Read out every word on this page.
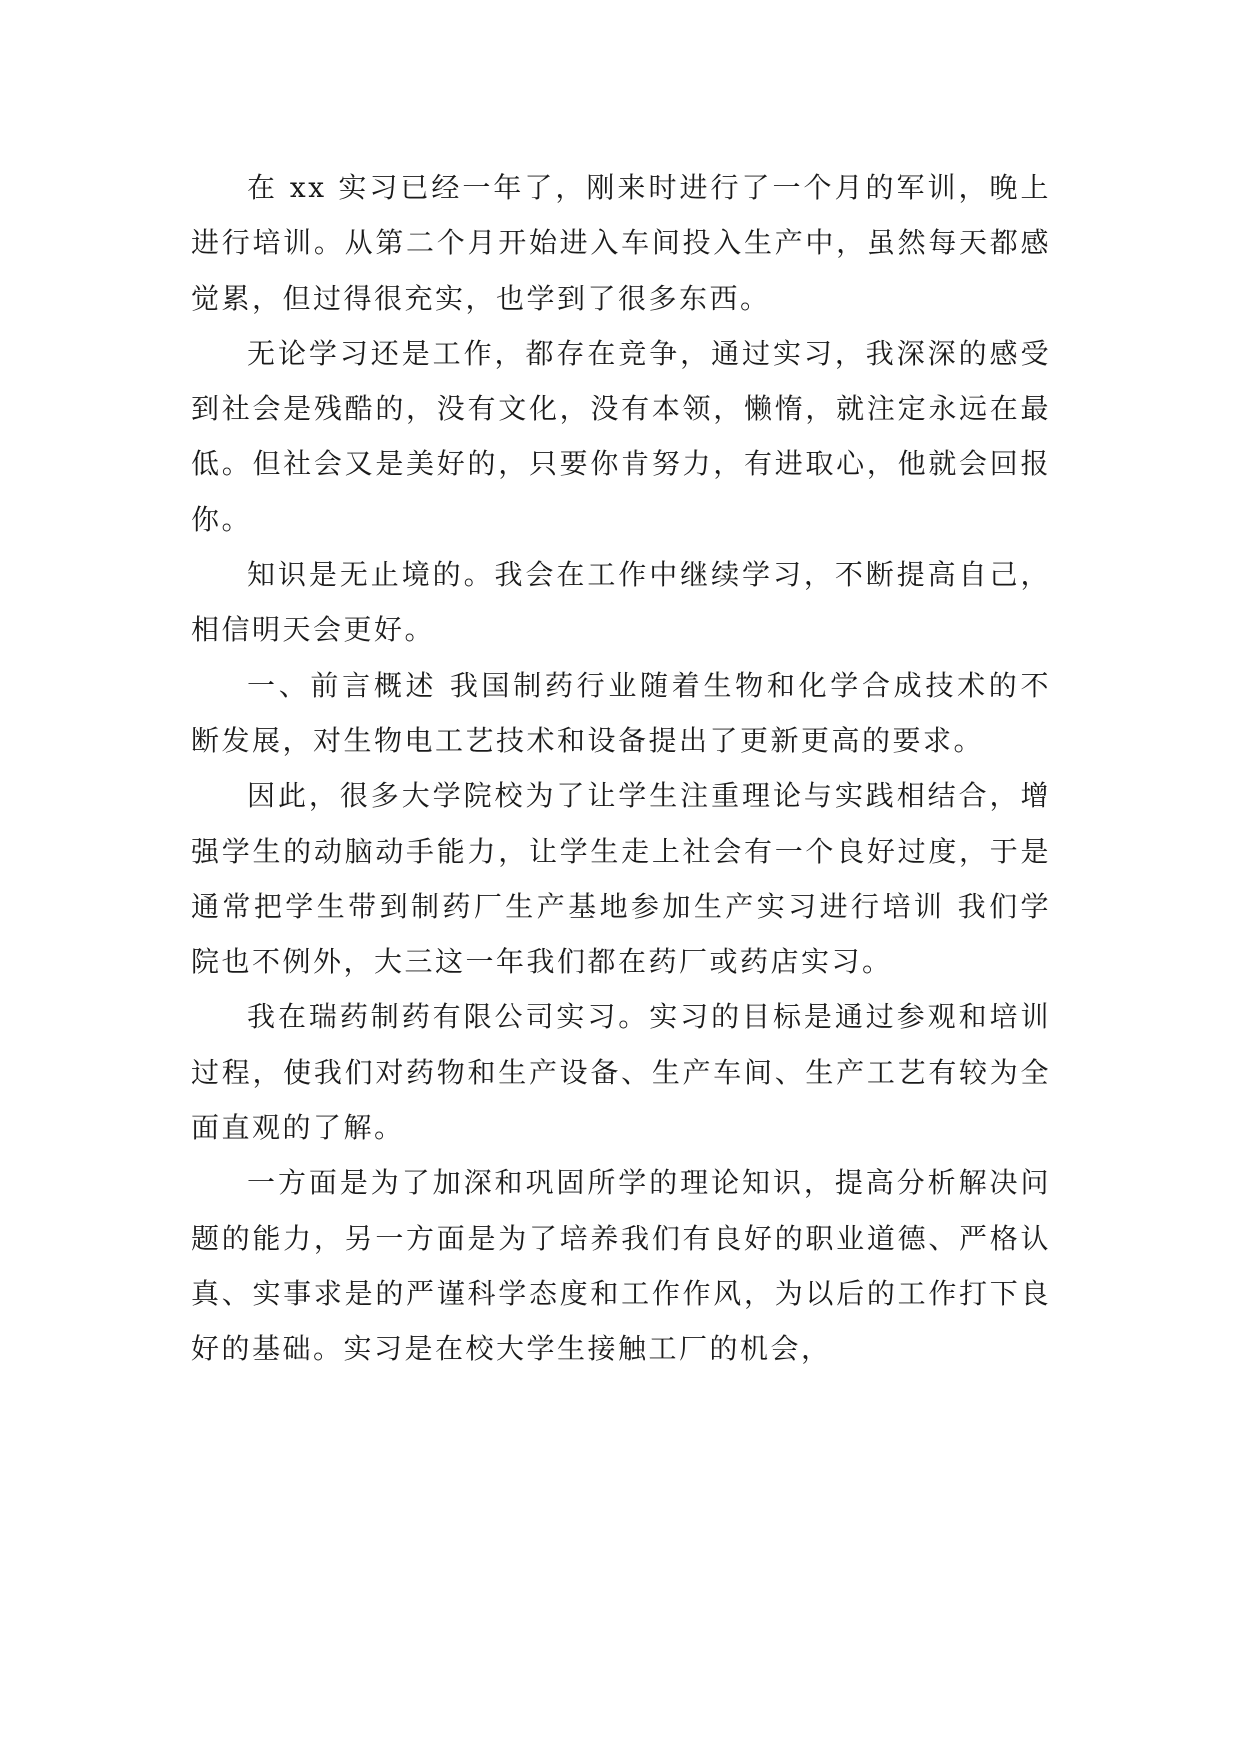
在 xx 实习已经一年了，刚来时进行了一个月的军训，晚上进行培训。从第二个月开始进入车间投入生产中，虽然每天都感觉累，但过得很充实，也学到了很多东西。

无论学习还是工作，都存在竞争，通过实习，我深深的感受到社会是残酷的，没有文化，没有本领，懒惰，就注定永远在最低。但社会又是美好的，只要你肯努力，有进取心，他就会回报你。

知识是无止境的。我会在工作中继续学习，不断提高自己，相信明天会更好。

一、前言概述 我国制药行业随着生物和化学合成技术的不断发展，对生物电工艺技术和设备提出了更新更高的要求。

因此，很多大学院校为了让学生注重理论与实践相结合，增强学生的动脑动手能力，让学生走上社会有一个良好过度，于是通常把学生带到制药厂生产基地参加生产实习进行培训 我们学院也不例外，大三这一年我们都在药厂或药店实习。

我在瑞药制药有限公司实习。实习的目标是通过参观和培训过程，使我们对药物和生产设备、生产车间、生产工艺有较为全面直观的了解。

一方面是为了加深和巩固所学的理论知识，提高分析解决问题的能力，另一方面是为了培养我们有良好的职业道德、严格认真、实事求是的严谨科学态度和工作作风，为以后的工作打下良好的基础。实习是在校大学生接触工厂的机会，
